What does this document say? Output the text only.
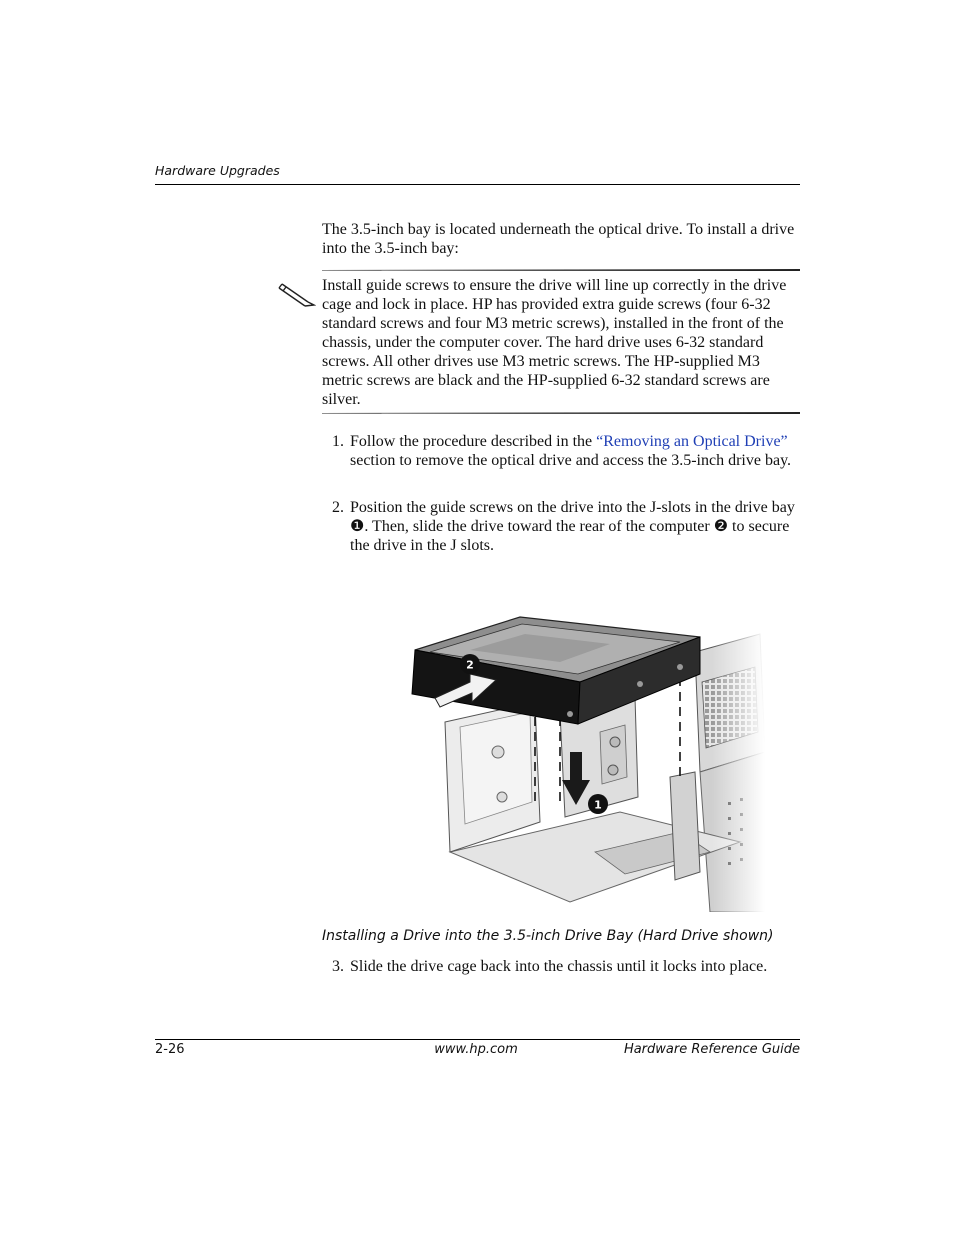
Hardware Upgrades
The 3.5-inch bay is located underneath the optical drive. To install a drive into the 3.5-inch bay:
Install guide screws to ensure the drive will line up correctly in the drive cage and lock in place. HP has provided extra guide screws (four 6-32 standard screws and four M3 metric screws), installed in the front of the chassis, under the computer cover. The hard drive uses 6-32 standard screws. All other drives use M3 metric screws. The HP-supplied M3 metric screws are black and the HP-supplied 6-32 standard screws are silver.
1. Follow the procedure described in the “Removing an Optical Drive” section to remove the optical drive and access the 3.5-inch drive bay.
2. Position the guide screws on the drive into the J-slots in the drive bay ❶. Then, slide the drive toward the rear of the computer ❷ to secure the drive in the J slots.
Installing a Drive into the 3.5-inch Drive Bay (Hard Drive shown)
3. Slide the drive cage back into the chassis until it locks into place.
2-26	www.hp.com	Hardware Reference Guide
